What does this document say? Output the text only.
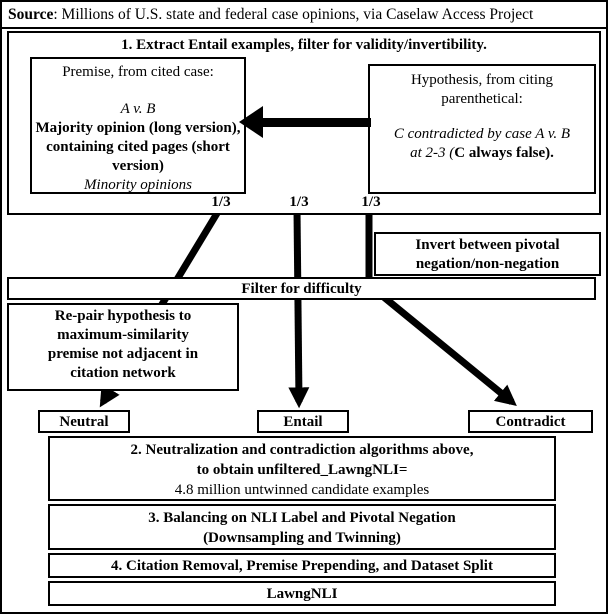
Source: Millions of U.S. state and federal case opinions, via Caselaw Access Project
1. Extract Entail examples, filter for validity/invertibility.
Premise, from cited case:
A v. B
Majority opinion (long version), containing cited pages (short version)
Minority opinions
Hypothesis, from citing parenthetical:
C contradicted by case A v. B at 2-3 (C always false).
1/3	1/3	1/3
Invert between pivotal negation/non-negation
Filter for difficulty
Re-pair hypothesis to maximum-similarity premise not adjacent in citation network
Neutral	Entail	Contradict
2. Neutralization and contradiction algorithms above,
to obtain unfiltered_LawngNLI=
4.8 million untwinned candidate examples
3. Balancing on NLI Label and Pivotal Negation
(Downsampling and Twinning)
4. Citation Removal, Premise Prepending, and Dataset Split
LawngNLI
